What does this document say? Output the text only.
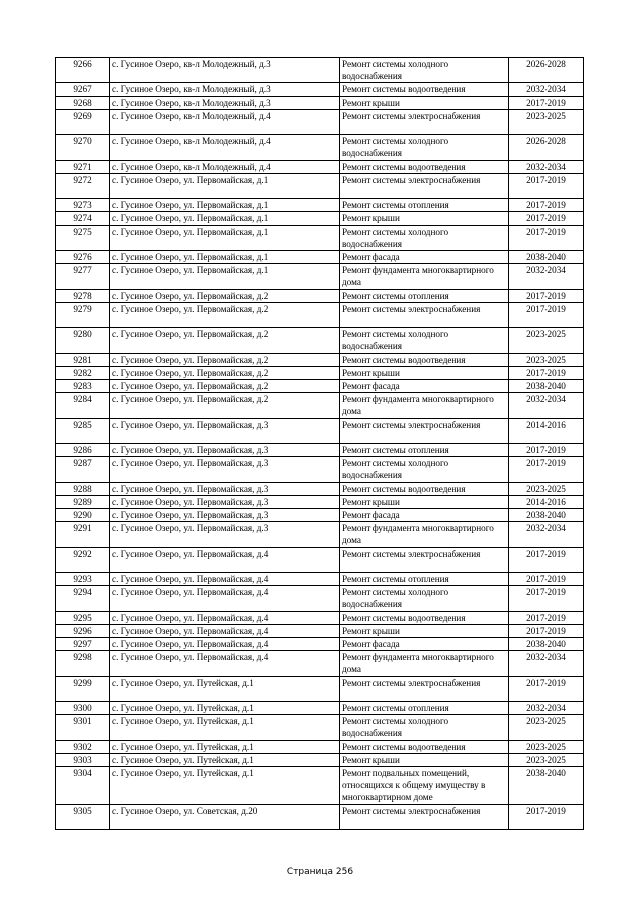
9266	с. Гусиное Озеро, кв-л Молодежный, д.3	Ремонт системы холодного водоснабжения	2026-2028
9267	с. Гусиное Озеро, кв-л Молодежный, д.3	Ремонт системы водоотведения	2032-2034
9268	с. Гусиное Озеро, кв-л Молодежный, д.3	Ремонт крыши	2017-2019
9269	с. Гусиное Озеро, кв-л Молодежный, д.4	Ремонт системы электроснабжения	2023-2025
9270	с. Гусиное Озеро, кв-л Молодежный, д.4	Ремонт системы холодного водоснабжения	2026-2028
9271	с. Гусиное Озеро, кв-л Молодежный, д.4	Ремонт системы водоотведения	2032-2034
9272	с. Гусиное Озеро, ул. Первомайская, д.1	Ремонт системы электроснабжения	2017-2019
9273	с. Гусиное Озеро, ул. Первомайская, д.1	Ремонт системы отопления	2017-2019
9274	с. Гусиное Озеро, ул. Первомайская, д.1	Ремонт крыши	2017-2019
9275	с. Гусиное Озеро, ул. Первомайская, д.1	Ремонт системы холодного водоснабжения	2017-2019
9276	с. Гусиное Озеро, ул. Первомайская, д.1	Ремонт фасада	2038-2040
9277	с. Гусиное Озеро, ул. Первомайская, д.1	Ремонт фундамента многоквартирного дома	2032-2034
9278	с. Гусиное Озеро, ул. Первомайская, д.2	Ремонт системы отопления	2017-2019
9279	с. Гусиное Озеро, ул. Первомайская, д.2	Ремонт системы электроснабжения	2017-2019
9280	с. Гусиное Озеро, ул. Первомайская, д.2	Ремонт системы холодного водоснабжения	2023-2025
9281	с. Гусиное Озеро, ул. Первомайская, д.2	Ремонт системы водоотведения	2023-2025
9282	с. Гусиное Озеро, ул. Первомайская, д.2	Ремонт крыши	2017-2019
9283	с. Гусиное Озеро, ул. Первомайская, д.2	Ремонт фасада	2038-2040
9284	с. Гусиное Озеро, ул. Первомайская, д.2	Ремонт фундамента многоквартирного дома	2032-2034
9285	с. Гусиное Озеро, ул. Первомайская, д.3	Ремонт системы электроснабжения	2014-2016
9286	с. Гусиное Озеро, ул. Первомайская, д.3	Ремонт системы отопления	2017-2019
9287	с. Гусиное Озеро, ул. Первомайская, д.3	Ремонт системы холодного водоснабжения	2017-2019
9288	с. Гусиное Озеро, ул. Первомайская, д.3	Ремонт системы водоотведения	2023-2025
9289	с. Гусиное Озеро, ул. Первомайская, д.3	Ремонт крыши	2014-2016
9290	с. Гусиное Озеро, ул. Первомайская, д.3	Ремонт фасада	2038-2040
9291	с. Гусиное Озеро, ул. Первомайская, д.3	Ремонт фундамента многоквартирного дома	2032-2034
9292	с. Гусиное Озеро, ул. Первомайская, д.4	Ремонт системы электроснабжения	2017-2019
9293	с. Гусиное Озеро, ул. Первомайская, д.4	Ремонт системы отопления	2017-2019
9294	с. Гусиное Озеро, ул. Первомайская, д.4	Ремонт системы холодного водоснабжения	2017-2019
9295	с. Гусиное Озеро, ул. Первомайская, д.4	Ремонт системы водоотведения	2017-2019
9296	с. Гусиное Озеро, ул. Первомайская, д.4	Ремонт крыши	2017-2019
9297	с. Гусиное Озеро, ул. Первомайская, д.4	Ремонт фасада	2038-2040
9298	с. Гусиное Озеро, ул. Первомайская, д.4	Ремонт фундамента многоквартирного дома	2032-2034
9299	с. Гусиное Озеро, ул. Путейская, д.1	Ремонт системы электроснабжения	2017-2019
9300	с. Гусиное Озеро, ул. Путейская, д.1	Ремонт системы отопления	2032-2034
9301	с. Гусиное Озеро, ул. Путейская, д.1	Ремонт системы холодного водоснабжения	2023-2025
9302	с. Гусиное Озеро, ул. Путейская, д.1	Ремонт системы водоотведения	2023-2025
9303	с. Гусиное Озеро, ул. Путейская, д.1	Ремонт крыши	2023-2025
9304	с. Гусиное Озеро, ул. Путейская, д.1	Ремонт подвальных помещений, относящихся к общему имуществу в многоквартирном доме	2038-2040
9305	с. Гусиное Озеро, ул. Советская, д.20	Ремонт системы электроснабжения	2017-2019
Страница 256
